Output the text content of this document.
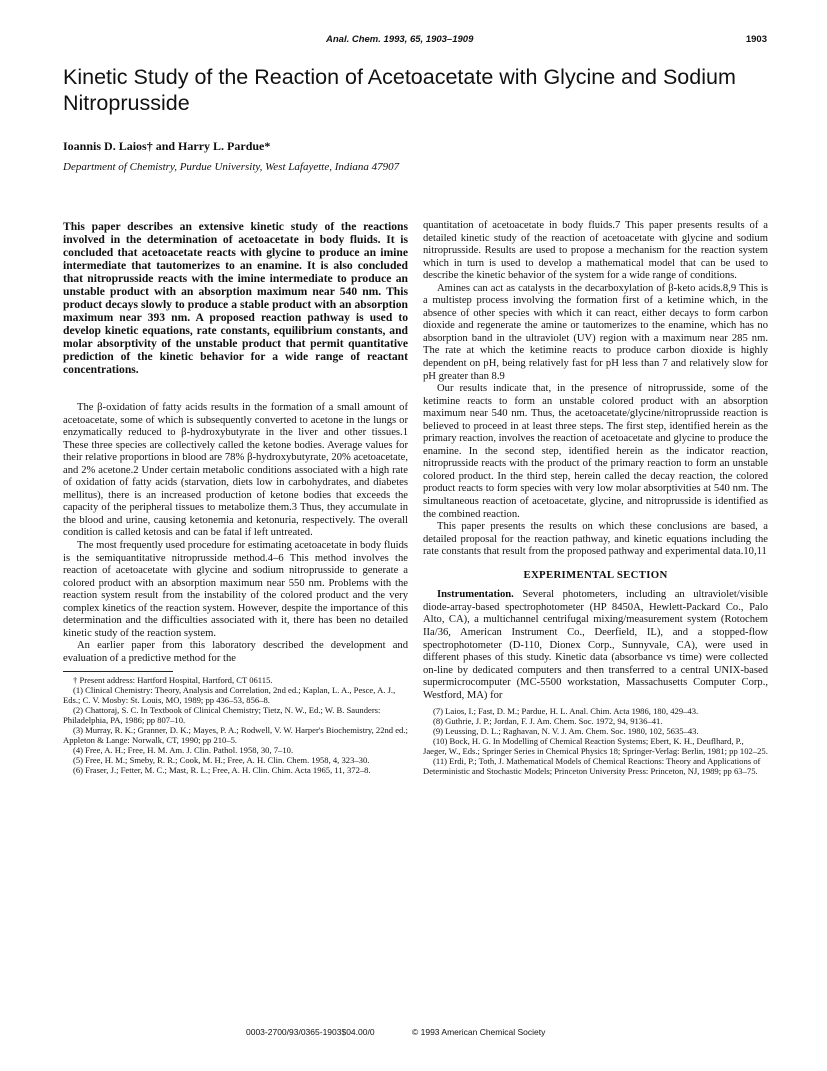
Anal. Chem. 1993, 65, 1903–1909	1903
Kinetic Study of the Reaction of Acetoacetate with Glycine and Sodium Nitroprusside
Ioannis D. Laios† and Harry L. Pardue*
Department of Chemistry, Purdue University, West Lafayette, Indiana 47907
This paper describes an extensive kinetic study of the reactions involved in the determination of acetoacetate in body fluids. It is concluded that acetoacetate reacts with glycine to produce an imine intermediate that tautomerizes to an enamine. It is also concluded that nitroprusside reacts with the imine intermediate to produce an unstable product with an absorption maximum near 540 nm. This product decays slowly to produce a stable product with an absorption maximum near 393 nm. A proposed reaction pathway is used to develop kinetic equations, rate constants, equilibrium constants, and molar absorptivity of the unstable product that permit quantitative prediction of the kinetic behavior for a wide range of reactant concentrations.

The β-oxidation of fatty acids results in the formation of a small amount of acetoacetate, some of which is subsequently converted to acetone in the lungs or enzymatically reduced to β-hydroxybutyrate in the liver and other tissues.1 These three species are collectively called the ketone bodies. Average values for their relative proportions in blood are 78% β-hydroxybutyrate, 20% acetoacetate, and 2% acetone.2 Under certain metabolic conditions associated with a high rate of oxidation of fatty acids (starvation, diets low in carbohydrates, and diabetes mellitus), there is an increased production of ketone bodies that exceeds the capacity of the peripheral tissues to metabolize them.3 Thus, they accumulate in the blood and urine, causing ketonemia and ketonuria, respectively. The overall condition is called ketosis and can be fatal if left untreated.

The most frequently used procedure for estimating acetoacetate in body fluids is the semiquantitative nitroprusside method.4–6 This method involves the reaction of acetoacetate with glycine and sodium nitroprusside to generate a colored product with an absorption maximum near 550 nm. Problems with the reaction system result from the instability of the colored product and the very complex kinetics of the reaction system. However, despite the importance of this determination and the difficulties associated with it, there has been no detailed kinetic study of the reaction system.

An earlier paper from this laboratory described the development and evaluation of a predictive method for the

† Present address: Hartford Hospital, Hartford, CT 06115.
(1) Clinical Chemistry: Theory, Analysis and Correlation, 2nd ed.; Kaplan, L. A., Pesce, A. J., Eds.; C. V. Mosby: St. Louis, MO, 1989; pp 436–53, 856–8.
(2) Chattoraj, S. C. In Textbook of Clinical Chemistry; Tietz, N. W., Ed.; W. B. Saunders: Philadelphia, PA, 1986; pp 807–10.
(3) Murray, R. K.; Granner, D. K.; Mayes, P. A.; Rodwell, V. W. Harper's Biochemistry, 22nd ed.; Appleton & Lange: Norwalk, CT, 1990; pp 210–5.
(4) Free, A. H.; Free, H. M. Am. J. Clin. Pathol. 1958, 30, 7–10.
(5) Free, H. M.; Smeby, R. R.; Cook, M. H.; Free, A. H. Clin. Chem. 1958, 4, 323–30.
(6) Fraser, J.; Fetter, M. C.; Mast, R. L.; Free, A. H. Clin. Chim. Acta 1965, 11, 372–8.

quantitation of acetoacetate in body fluids.7 This paper presents results of a detailed kinetic study of the reaction of acetoacetate with glycine and sodium nitroprusside. Results are used to propose a mechanism for the reaction system which in turn is used to develop a mathematical model that can be used to describe the kinetic behavior of the system for a wide range of conditions.

Amines can act as catalysts in the decarboxylation of β-keto acids.8,9 This is a multistep process involving the formation first of a ketimine which, in the absence of other species with which it can react, either decays to form carbon dioxide and regenerate the amine or tautomerizes to the enamine, which has no absorption band in the ultraviolet (UV) region with a maximum near 285 nm. The rate at which the ketimine reacts to produce carbon dioxide is highly dependent on pH, being relatively fast for pH less than 7 and relatively slow for pH greater than 8.9

Our results indicate that, in the presence of nitroprusside, some of the ketimine reacts to form an unstable colored product with an absorption maximum near 540 nm. Thus, the acetoacetate/glycine/nitroprusside reaction is believed to proceed in at least three steps. The first step, identified herein as the primary reaction, involves the reaction of acetoacetate and glycine to produce the enamine. In the second step, identified herein as the indicator reaction, nitroprusside reacts with the product of the primary reaction to form an unstable colored product. In the third step, herein called the decay reaction, the colored product reacts to form species with very low molar absorptivities at 540 nm. The simultaneous reaction of acetoacetate, glycine, and nitroprusside is identified as the combined reaction.

This paper presents the results on which these conclusions are based, a detailed proposal for the reaction pathway, and kinetic equations including the rate constants that result from the proposed pathway and experimental data.10,11

EXPERIMENTAL SECTION

Instrumentation. Several photometers, including an ultraviolet/visible diode-array-based spectrophotometer (HP 8450A, Hewlett-Packard Co., Palo Alto, CA), a multichannel centrifugal mixing/measurement system (Rotochem IIa/36, American Instrument Co., Deerfield, IL), and a stopped-flow spectrophotometer (D-110, Dionex Corp., Sunnyvale, CA), were used in different phases of this study. Kinetic data (absorbance vs time) were collected on-line by dedicated computers and then transferred to a central UNIX-based supermicrocomputer (MC-5500 workstation, Massachusetts Computer Corp., Westford, MA) for

(7) Laios, I.; Fast, D. M.; Pardue, H. L. Anal. Chim. Acta 1986, 180, 429–43.
(8) Guthrie, J. P.; Jordan, F. J. Am. Chem. Soc. 1972, 94, 9136–41.
(9) Leussing, D. L.; Raghavan, N. V. J. Am. Chem. Soc. 1980, 102, 5635–43.
(10) Bock, H. G. In Modelling of Chemical Reaction Systems; Ebert, K. H., Deuflhard, P., Jaeger, W., Eds.; Springer Series in Chemical Physics 18; Springer-Verlag: Berlin, 1981; pp 102–25.
(11) Erdi, P.; Toth, J. Mathematical Models of Chemical Reactions: Theory and Applications of Deterministic and Stochastic Models; Princeton University Press: Princeton, NJ, 1989; pp 63–75.
0003-2700/93/0365-1903$04.00/0	© 1993 American Chemical Society
